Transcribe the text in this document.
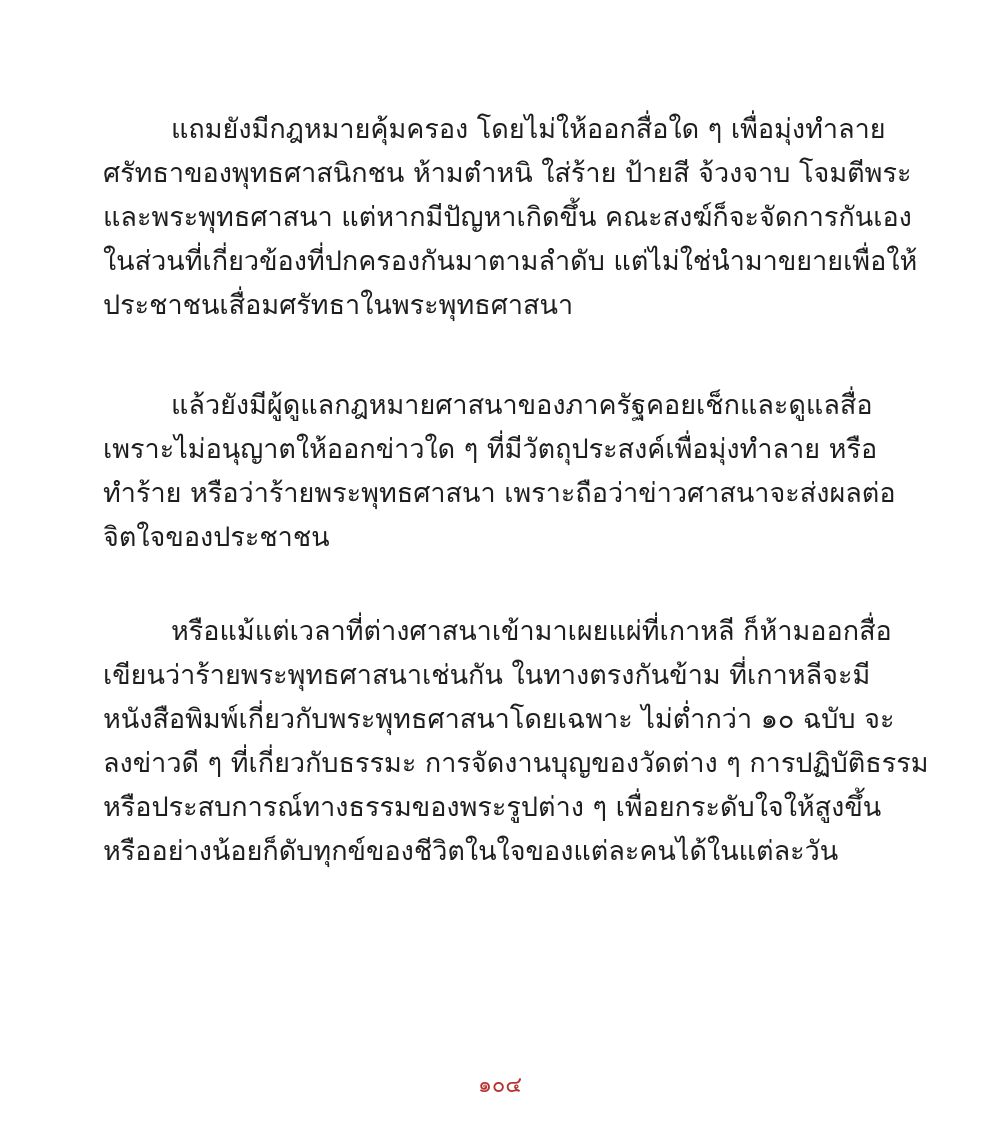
แถมยังมีกฎหมายคุ้มครอง โดยไม่ให้ออกสื่อใด ๆ เพื่อมุ่งทำลาย
ศรัทธาของพุทธศาสนิกชน ห้ามตำหนิ ใส่ร้าย ป้ายสี จ้วงจาบ โจมตีพระ
และพระพุทธศาสนา แต่หากมีปัญหาเกิดขึ้น คณะสงฆ์ก็จะจัดการกันเอง
ในส่วนที่เกี่ยวข้องที่ปกครองกันมาตามลำดับ แต่ไม่ใช่นำมาขยายเพื่อให้
ประชาชนเสื่อมศรัทธาในพระพุทธศาสนา
แล้วยังมีผู้ดูแลกฎหมายศาสนาของภาครัฐคอยเช็กและดูแลสื่อ
เพราะไม่อนุญาตให้ออกข่าวใด ๆ ที่มีวัตถุประสงค์เพื่อมุ่งทำลาย หรือ
ทำร้าย หรือว่าร้ายพระพุทธศาสนา เพราะถือว่าข่าวศาสนาจะส่งผลต่อ
จิตใจของประชาชน
หรือแม้แต่เวลาที่ต่างศาสนาเข้ามาเผยแผ่ที่เกาหลี ก็ห้ามออกสื่อ
เขียนว่าร้ายพระพุทธศาสนาเช่นกัน ในทางตรงกันข้าม ที่เกาหลีจะมี
หนังสือพิมพ์เกี่ยวกับพระพุทธศาสนาโดยเฉพาะ ไม่ต่ำกว่า ๑๐ ฉบับ จะ
ลงข่าวดี ๆ ที่เกี่ยวกับธรรมะ การจัดงานบุญของวัดต่าง ๆ การปฏิบัติธรรม
หรือประสบการณ์ทางธรรมของพระรูปต่าง ๆ เพื่อยกระดับใจให้สูงขึ้น
หรืออย่างน้อยก็ดับทุกข์ของชีวิตในใจของแต่ละคนได้ในแต่ละวัน
๑๐๔
